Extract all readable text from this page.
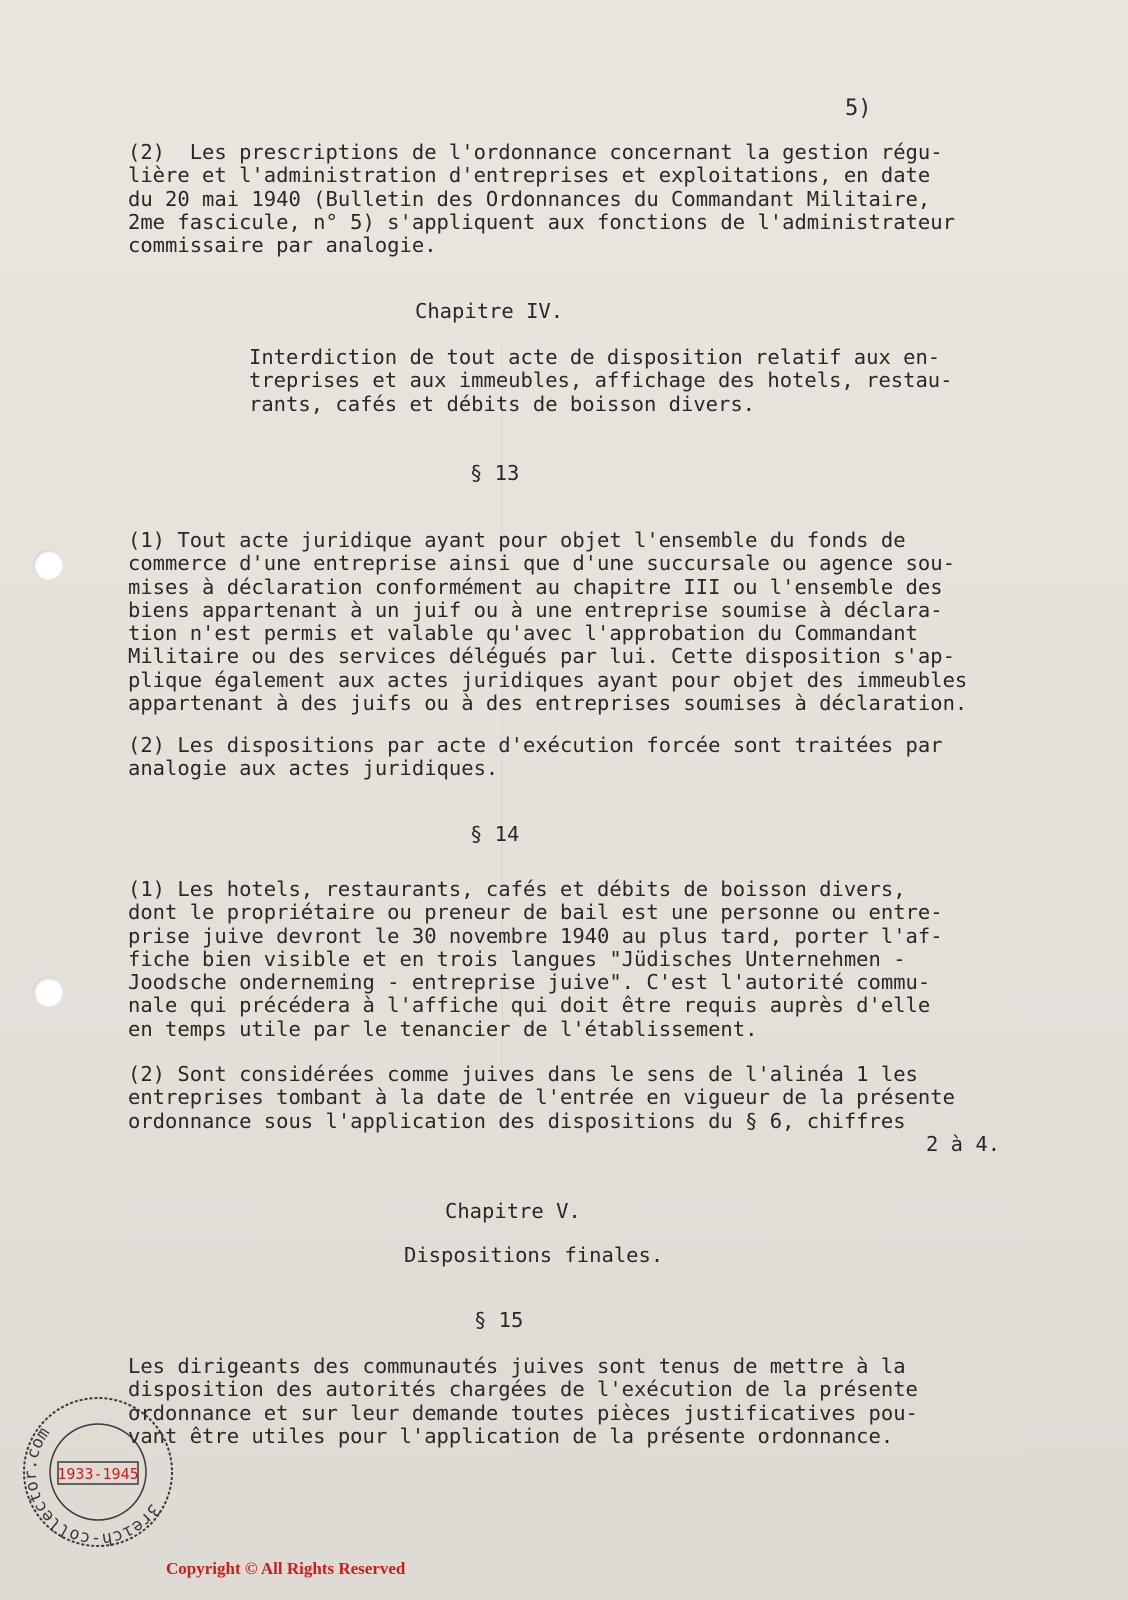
5)
(2)  Les prescriptions de l'ordonnance concernant la gestion régu-
lière et l'administration d'entreprises et exploitations, en date
du 20 mai 1940 (Bulletin des Ordonnances du Commandant Militaire,
2me fascicule, n° 5) s'appliquent aux fonctions de l'administrateur
commissaire par analogie.
Chapitre IV.
Interdiction de tout acte de disposition relatif aux en-
treprises et aux immeubles, affichage des hotels, restau-
rants, cafés et débits de boisson divers.
§ 13
(1) Tout acte juridique ayant pour objet l'ensemble du fonds de
commerce d'une entreprise ainsi que d'une succursale ou agence sou-
mises à déclaration conformément au chapitre III ou l'ensemble des
biens appartenant à un juif ou à une entreprise soumise à déclara-
tion n'est permis et valable qu'avec l'approbation du Commandant
Militaire ou des services délégués par lui. Cette disposition s'ap-
plique également aux actes juridiques ayant pour objet des immeubles
appartenant à des juifs ou à des entreprises soumises à déclaration.
(2) Les dispositions par acte d'exécution forcée sont traitées par
analogie aux actes juridiques.
§ 14
(1) Les hotels, restaurants, cafés et débits de boisson divers,
dont le propriétaire ou preneur de bail est une personne ou entre-
prise juive devront le 30 novembre 1940 au plus tard, porter l'af-
fiche bien visible et en trois langues "Jüdisches Unternehmen -
Joodsche onderneming - entreprise juive". C'est l'autorité commu-
nale qui précédera à l'affiche qui doit être requis auprès d'elle
en temps utile par le tenancier de l'établissement.
(2) Sont considérées comme juives dans le sens de l'alinéa 1 les
entreprises tombant à la date de l'entrée en vigueur de la présente
ordonnance sous l'application des dispositions du § 6, chiffres
2 à 4.
Chapitre V.
Dispositions finales.
§ 15
Les dirigeants des communautés juives sont tenus de mettre à la
disposition des autorités chargées de l'exécution de la présente
ordonnance et sur leur demande toutes pièces justificatives pou-
vant être utiles pour l'application de la présente ordonnance.
3reich-collector.com
1933-1945
Copyright © All Rights Reserved
